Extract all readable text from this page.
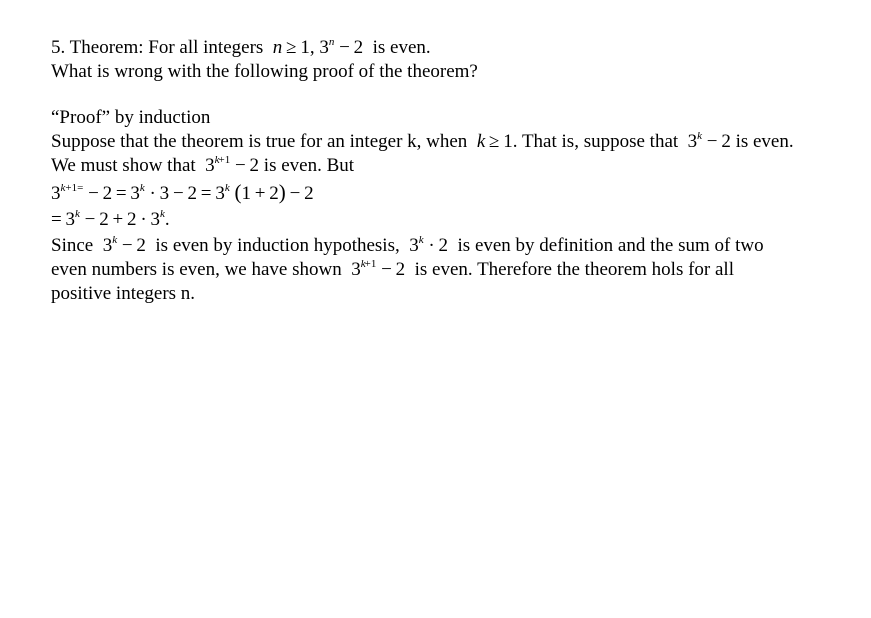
5. Theorem: For all integers n ≥ 1, $3^n - 2$  is even.
What is wrong with the following proof of the theorem?
“Proof” by induction
Suppose that the theorem is true for an integer k, when k ≥ 1. That is, suppose that  $3^k - 2$ is even.
We must show that  $3^{k+1} - 2$ is even. But
$3^{k+1=} - 2 = 3^k \cdot 3 - 2 = 3^k$ (1 + 2) − 2
= $3^k - 2 + 2 \cdot 3^k$.
Since  $3^k - 2$  is even by induction hypothesis,  $3^k \cdot 2$  is even by definition and the sum of two
even numbers is even, we have shown  $3^{k+1} - 2$  is even. Therefore the theorem hols for all
positive integers n.
